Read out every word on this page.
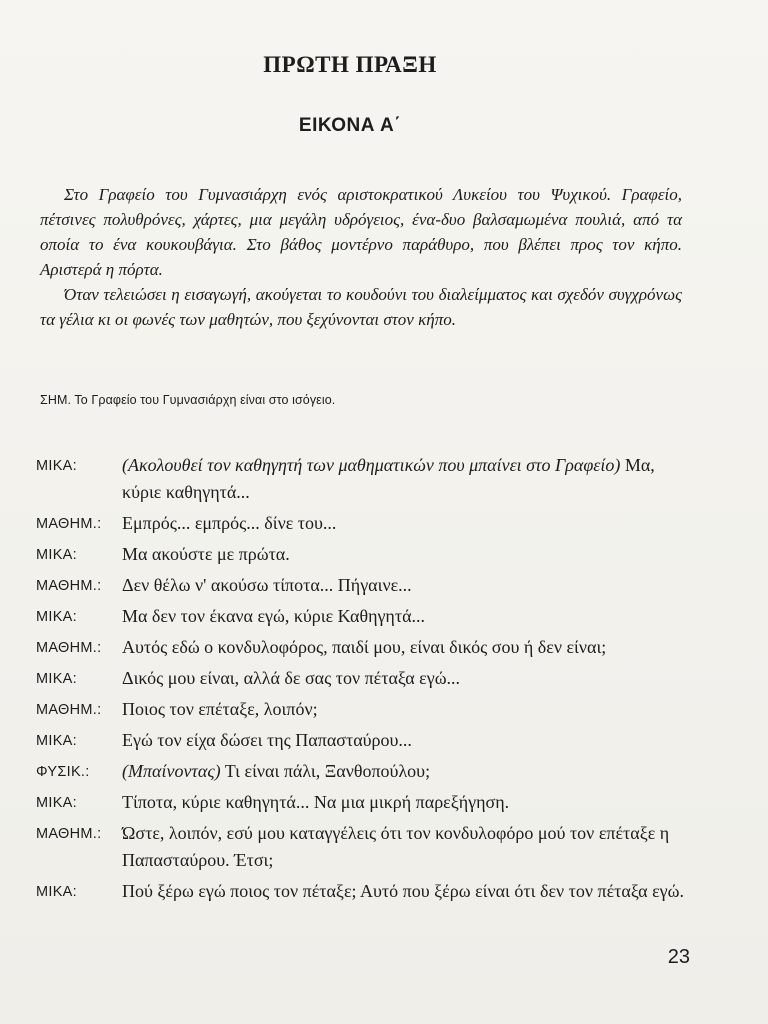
ΠΡΩΤΗ ΠΡΑΞΗ
ΕΙΚΟΝΑ Α΄
Στο Γραφείο του Γυμνασιάρχη ενός αριστοκρατικού Λυκείου του Ψυχικού. Γραφείο, πέτσινες πολυθρόνες, χάρτες, μια μεγάλη υδρόγειος, ένα-δυο βαλσαμωμένα πουλιά, από τα οποία το ένα κουκουβάγια. Στο βάθος μοντέρνο παράθυρο, που βλέπει προς τον κήπο. Αριστερά η πόρτα.
Όταν τελειώσει η εισαγωγή, ακούγεται το κουδούνι του διαλείμματος και σχεδόν συγχρόνως τα γέλια κι οι φωνές των μαθητών, που ξεχύνονται στον κήπο.
ΣΗΜ. Το Γραφείο του Γυμνασιάρχη είναι στο ισόγειο.
ΜΙΚΑ:	(Ακολουθεί τον καθηγητή των μαθηματικών που μπαίνει στο Γραφείο) Μα, κύριε καθηγητά...
ΜΑΘΗΜ.:	Εμπρός... εμπρός... δίνε του...
ΜΙΚΑ:	Μα ακούστε με πρώτα.
ΜΑΘΗΜ.:	Δεν θέλω ν' ακούσω τίποτα... Πήγαινε...
ΜΙΚΑ:	Μα δεν τον έκανα εγώ, κύριε Καθηγητά...
ΜΑΘΗΜ.:	Αυτός εδώ ο κονδυλοφόρος, παιδί μου, είναι δικός σου ή δεν είναι;
ΜΙΚΑ:	Δικός μου είναι, αλλά δε σας τον πέταξα εγώ...
ΜΑΘΗΜ.:	Ποιος τον επέταξε, λοιπόν;
ΜΙΚΑ:	Εγώ τον είχα δώσει της Παπασταύρου...
ΦΥΣΙΚ.:	(Μπαίνοντας) Τι είναι πάλι, Ξανθοπούλου;
ΜΙΚΑ:	Τίποτα, κύριε καθηγητά... Να μια μικρή παρεξήγηση.
ΜΑΘΗΜ.:	Ώστε, λοιπόν, εσύ μου καταγγέλεις ότι τον κονδυλοφόρο μού τον επέταξε η Παπασταύρου. Έτσι;
ΜΙΚΑ:	Πού ξέρω εγώ ποιος τον πέταξε; Αυτό που ξέρω είναι ότι δεν τον πέταξα εγώ.
23
